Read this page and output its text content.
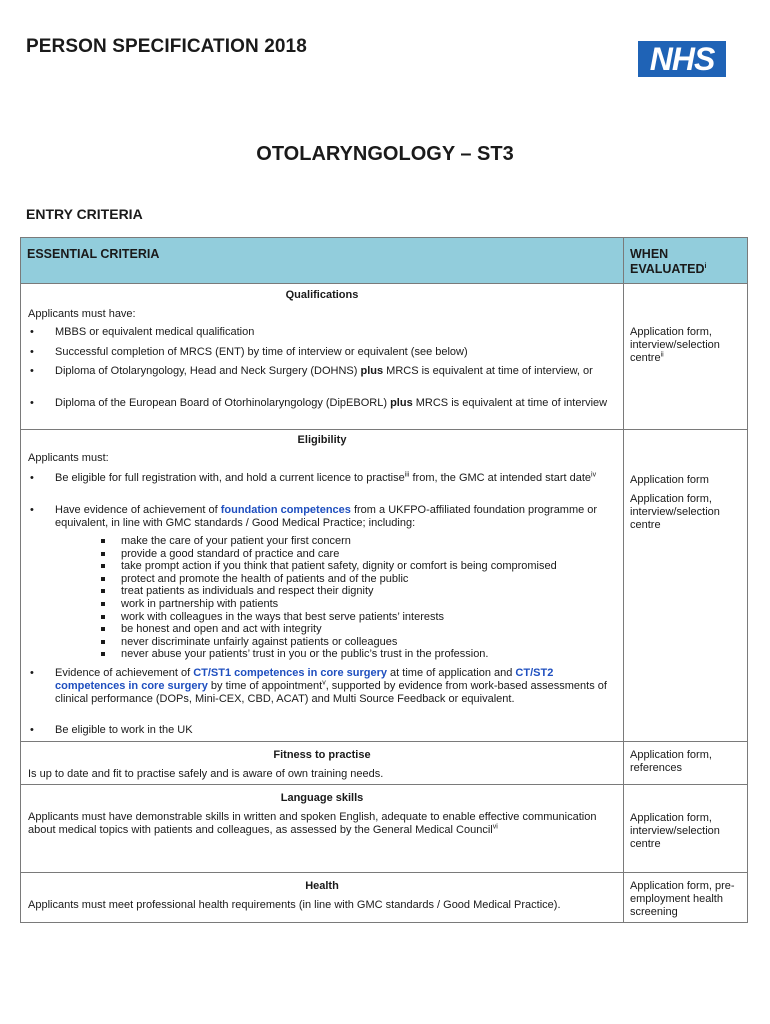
PERSON SPECIFICATION 2018	NHS
OTOLARYNGOLOGY – ST3
ENTRY CRITERIA
ESSENTIAL CRITERIA	WHEN EVALUATED$^i$
Qualifications
Applicants must have:
• MBBS or equivalent medical qualification
• Successful completion of MRCS (ENT) by time of interview or equivalent (see below)
• Diploma of Otolaryngology, Head and Neck Surgery (DOHNS) plus MRCS is equivalent at time of interview, or
• Diploma of the European Board of Otorhinolaryngology (DipEBORL) plus MRCS is equivalent at time of interview
Application form, interview/selection centre$^{ii}$
Eligibility
Applicants must:
• Be eligible for full registration with, and hold a current licence to practise$^{iii}$ from, the GMC at intended start date$^{iv}$
• Have evidence of achievement of foundation competences from a UKFPO-affiliated foundation programme or equivalent, in line with GMC standards / Good Medical Practice; including:
make the care of your patient your first concern
provide a good standard of practice and care
take prompt action if you think that patient safety, dignity or comfort is being compromised
protect and promote the health of patients and of the public
treat patients as individuals and respect their dignity
work in partnership with patients
work with colleagues in the ways that best serve patients’ interests
be honest and open and act with integrity
never discriminate unfairly against patients or colleagues
never abuse your patients’ trust in you or the public’s trust in the profession.
• Evidence of achievement of CT/ST1 competences in core surgery at time of application and CT/ST2 competences in core surgery by time of appointment$^v$, supported by evidence from work-based assessments of clinical performance (DOPs, Mini-CEX, CBD, ACAT) and Multi Source Feedback or equivalent.
• Be eligible to work in the UK
Application form
Application form, interview/selection centre
Fitness to practise
Is up to date and fit to practise safely and is aware of own training needs.
Application form, references
Language skills
Applicants must have demonstrable skills in written and spoken English, adequate to enable effective communication about medical topics with patients and colleagues, as assessed by the General Medical Council$^{vi}$
Application form, interview/selection centre
Health
Applicants must meet professional health requirements (in line with GMC standards / Good Medical Practice).
Application form, pre-employment health screening
